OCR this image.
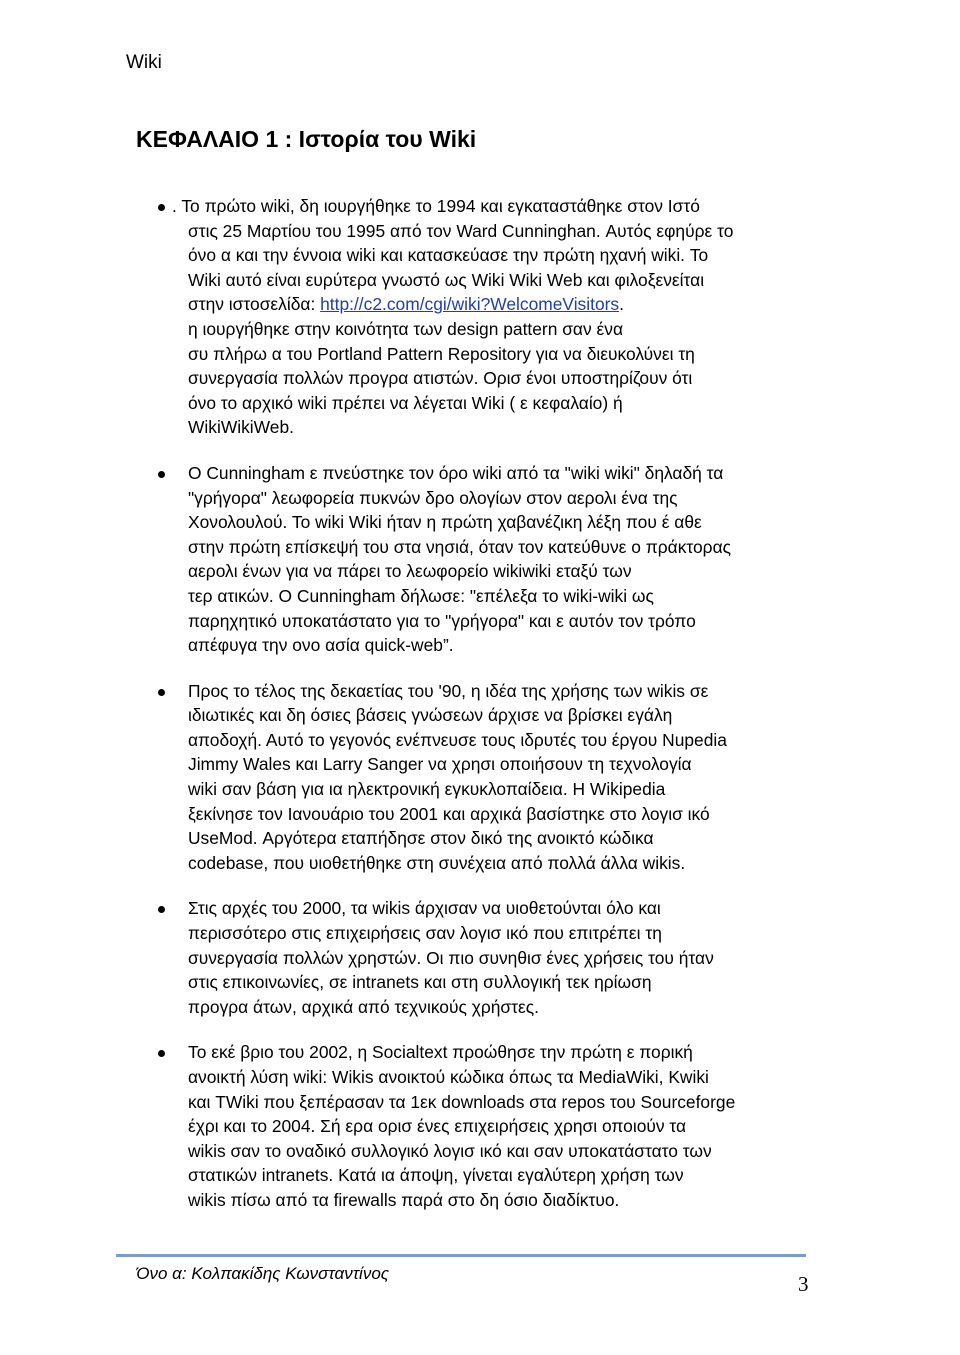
Wiki
ΚΕΦΑΛΑΙΟ 1 : Ιστορία του Wiki
. Το πρώτο wiki, δη ιουργήθηκε το 1994 και εγκαταστάθηκε στον Ιστό
στις 25 Μαρτίου του 1995 από τον Ward Cunninghan. Αυτός εφηύρε το
όνο α και την έννοια wiki και κατασκεύασε την πρώτη ηχανή wiki. Το
Wiki αυτό είναι ευρύτερα γνωστό ως Wiki Wiki Web και φιλοξενείται
στην ιστοσελίδα: http://c2.com/cgi/wiki?WelcomeVisitors.
η ιουργήθηκε στην κοινότητα των design pattern σαν ένα
συ πλήρω α του Portland Pattern Repository για να διευκολύνει τη
συνεργασία πολλών προγρα ατιστών. Ορισ ένοι υποστηρίζουν ότι
όνο το αρχικό wiki πρέπει να λέγεται Wiki ( ε κεφαλαίο) ή
WikiWikiWeb.
Ο Cunningham ε πνεύστηκε τον όρο wiki από τα "wiki wiki" δηλαδή τα
"γρήγορα" λεωφορεία πυκνών δρο ολογίων στον αερολι ένα της
Χονολουλού. Το wiki Wiki ήταν η πρώτη χαβανέζικη λέξη που έ αθε
στην πρώτη επίσκεψή του στα νησιά, όταν τον κατεύθυνε ο πράκτορας
αερολι ένων για να πάρει το λεωφορείο wikiwiki εταξύ των
τερ ατικών. Ο Cunningham δήλωσε: "επέλεξα το wiki-wiki ως
παρηχητικό υποκατάστατο για το "γρήγορα" και ε αυτόν τον τρόπο
απέφυγα την ονο ασία quick-web”.
Προς το τέλος της δεκαετίας του '90, η ιδέα της χρήσης των wikis σε
ιδιωτικές και δη όσιες βάσεις γνώσεων άρχισε να βρίσκει εγάλη
αποδοχή. Αυτό το γεγονός ενέπνευσε τους ιδρυτές του έργου Nupedia
Jimmy Wales και Larry Sanger να χρησι οποιήσουν τη τεχνολογία
wiki σαν βάση για ια ηλεκτρονική εγκυκλοπαίδεια. Η Wikipedia
ξεκίνησε τον Ιανουάριο του 2001 και αρχικά βασίστηκε στο λογισ ικό
UseMod. Αργότερα εταπήδησε στον δικό της ανοικτό κώδικα
codebase, που υιοθετήθηκε στη συνέχεια από πολλά άλλα wikis.
Στις αρχές του 2000, τα wikis άρχισαν να υιοθετούνται όλο και
περισσότερο στις επιχειρήσεις σαν λογισ ικό που επιτρέπει τη
συνεργασία πολλών χρηστών. Οι πιο συνηθισ ένες χρήσεις του ήταν
στις επικοινωνίες, σε intranets και στη συλλογική τεκ ηρίωση
προγρα άτων, αρχικά από τεχνικούς χρήστες.
Το εκέ βριο του 2002, η Socialtext προώθησε την πρώτη ε πορική
ανοικτή λύση wiki: Wikis ανοικτού κώδικα όπως τα MediaWiki, Kwiki
και TWiki που ξεπέρασαν τα 1εκ downloads στα repos του Sourceforge
έχρι και το 2004. Σή ερα ορισ ένες επιχειρήσεις χρησι οποιούν τα
wikis σαν το οναδικό συλλογικό λογισ ικό και σαν υποκατάστατο των
στατικών intranets. Κατά ια άποψη, γίνεται εγαλύτερη χρήση των
wikis πίσω από τα firewalls παρά στο δη όσιο διαδίκτυο.
Όνο α: Κολπακίδης Κωνσταντίνος	3
